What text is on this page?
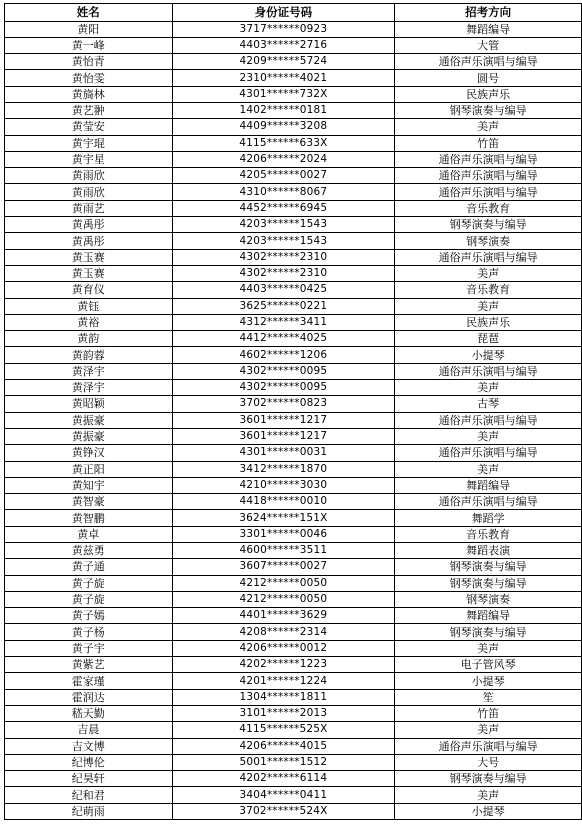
姓名	身份证号码	招考方向
黄阳	3717******0923	舞蹈编导
黄一峰	4403******2716	大管
黄怡青	4209******5724	通俗声乐演唱与编导
黄怡雯	2310******4021	圆号
黄旖林	4301******732X	民族声乐
黄艺翀	1402******0181	钢琴演奏与编导
黄莹安	4409******3208	美声
黄宇琨	4115******633X	竹笛
黄宇星	4206******2024	通俗声乐演唱与编导
黄雨欣	4205******0027	通俗声乐演唱与编导
黄雨欣	4310******8067	通俗声乐演唱与编导
黄雨艺	4452******6945	音乐教育
黄禹彤	4203******1543	钢琴演奏与编导
黄禹彤	4203******1543	钢琴演奏
黄玉赛	4302******2310	通俗声乐演唱与编导
黄玉赛	4302******2310	美声
黄育仪	4403******0425	音乐教育
黄钰	3625******0221	美声
黄裕	4312******3411	民族声乐
黄韵	4412******4025	琵琶
黄韵蓉	4602******1206	小提琴
黄泽宇	4302******0095	通俗声乐演唱与编导
黄泽宇	4302******0095	美声
黄昭颖	3702******0823	古琴
黄振豪	3601******1217	通俗声乐演唱与编导
黄振豪	3601******1217	美声
黄铮汉	4301******0031	通俗声乐演唱与编导
黄正阳	3412******1870	美声
黄知宇	4210******3030	舞蹈编导
黄智豪	4418******0010	通俗声乐演唱与编导
黄智鹏	3624******151X	舞蹈学
黄卓	3301******0046	音乐教育
黄兹勇	4600******3511	舞蹈表演
黄子通	3607******0027	钢琴演奏与编导
黄子旋	4212******0050	钢琴演奏与编导
黄子旋	4212******0050	钢琴演奏
黄子嫣	4401******3629	舞蹈编导
黄子杨	4208******2314	钢琴演奏与编导
黄子宇	4206******0012	美声
黄紫艺	4202******1223	电子管风琴
霍家瑾	4201******1224	小提琴
霍润达	1304******1811	笙
嵇天勤	3101******2013	竹笛
吉晨	4115******525X	美声
吉文博	4206******4015	通俗声乐演唱与编导
纪博伦	5001******1512	大号
纪昊轩	4202******6114	钢琴演奏与编导
纪和君	3404******0411	美声
纪萌雨	3702******524X	小提琴
